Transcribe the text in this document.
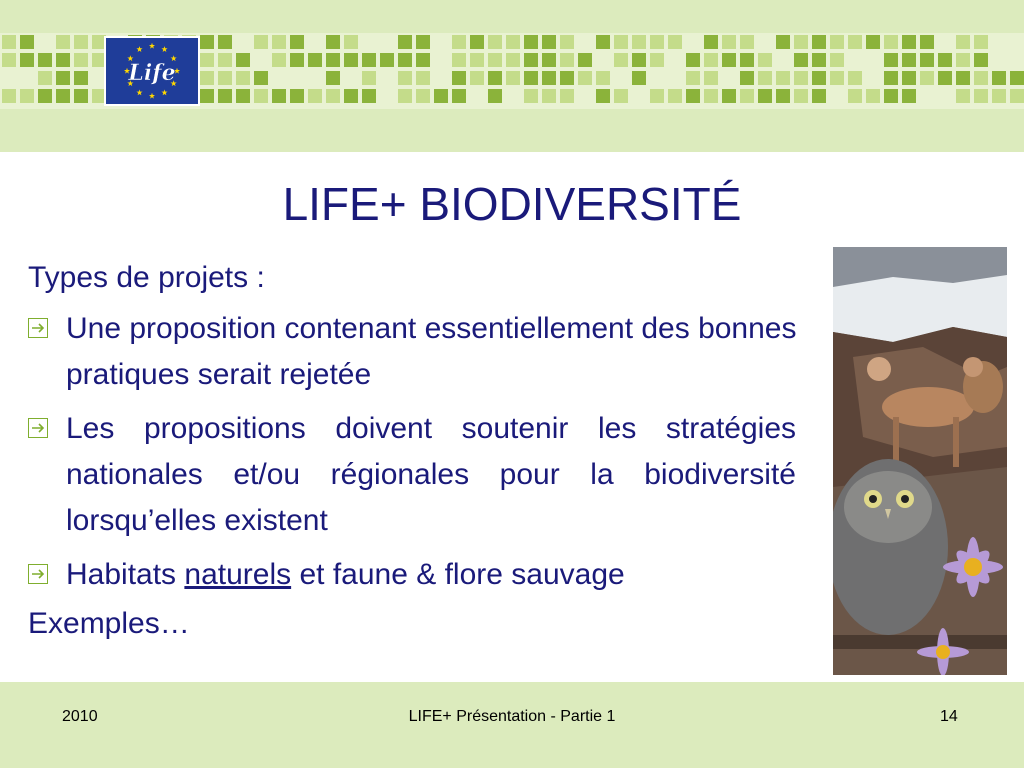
Life
LIFE+ BIODIVERSITÉ

Types de projets :

Une proposition contenant essentiellement des bonnes pratiques serait rejetée
Les propositions doivent soutenir les stratégies nationales et/ou régionales pour la biodiversité lorsqu’elles existent
Habitats naturels et faune & flore sauvage

Exemples…

2010	LIFE+ Présentation - Partie 1	14
